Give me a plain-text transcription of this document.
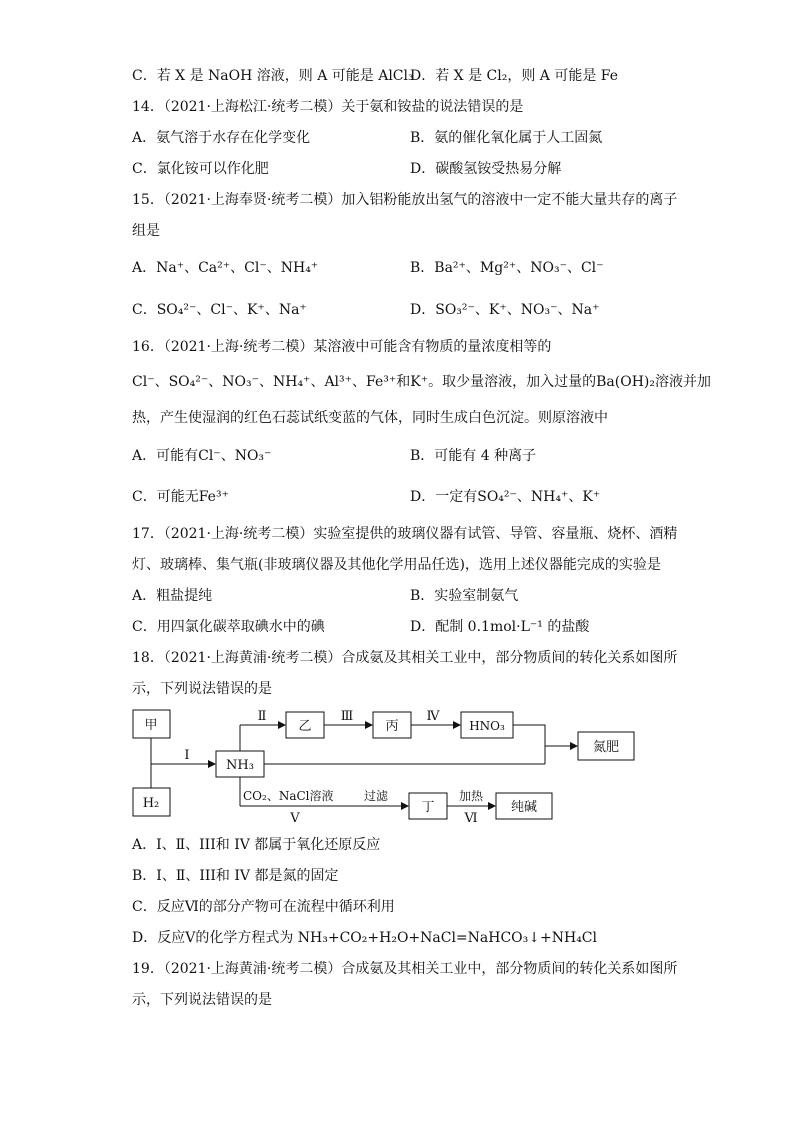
C．若 X 是 NaOH 溶液，则 A 可能是 AlCl₃
D．若 X 是 Cl₂，则 A 可能是 Fe
14．（2021·上海松江·统考二模）关于氨和铵盐的说法错误的是
A．氨气溶于水存在化学变化	B．氨的催化氧化属于人工固氮
C．氯化铵可以作化肥	D．碳酸氢铵受热易分解
15．（2021·上海奉贤·统考二模）加入铝粉能放出氢气的溶液中一定不能大量共存的离子
组是
A．Na⁺、Ca²⁺、Cl⁻、NH₄⁺	B．Ba²⁺、Mg²⁺、NO₃⁻、Cl⁻
C．SO₄²⁻、Cl⁻、K⁺、Na⁺	D．SO₃²⁻、K⁺、NO₃⁻、Na⁺
16．（2021·上海·统考二模）某溶液中可能含有物质的量浓度相等的
Cl⁻、SO₄²⁻、NO₃⁻、NH₄⁺、Al³⁺、Fe³⁺和K⁺。取少量溶液，加入过量的Ba(OH)₂溶液并加
热，产生使湿润的红色石蕊试纸变蓝的气体，同时生成白色沉淀。则原溶液中
A．可能有Cl⁻、NO₃⁻	B．可能有 4 种离子
C．可能无Fe³⁺	D．一定有SO₄²⁻、NH₄⁺、K⁺
17．（2021·上海·统考二模）实验室提供的玻璃仪器有试管、导管、容量瓶、烧杯、酒精
灯、玻璃棒、集气瓶(非玻璃仪器及其他化学用品任选)，选用上述仪器能完成的实验是
A．粗盐提纯	B．实验室制氨气
C．用四氯化碳萃取碘水中的碘	D．配制 0.1mol·L⁻¹ 的盐酸
18．（2021·上海黄浦·统考二模）合成氨及其相关工业中，部分物质间的转化关系如图所
示，下列说法错误的是
甲
H₂
NH₃
乙	丙	HNO₃
氮肥
丁	纯碱
I
Ⅱ	Ⅲ	Ⅳ
CO₂、NaCl溶液	过滤
Ⅴ
加热
Ⅵ
A．I、Ⅱ、III和 IV 都属于氧化还原反应
B．I、Ⅱ、III和 IV 都是氮的固定
C．反应Ⅵ的部分产物可在流程中循环利用
D．反应Ⅴ的化学方程式为 NH₃+CO₂+H₂O+NaCl=NaHCO₃↓+NH₄Cl
19．（2021·上海黄浦·统考二模）合成氨及其相关工业中，部分物质间的转化关系如图所
示，下列说法错误的是
